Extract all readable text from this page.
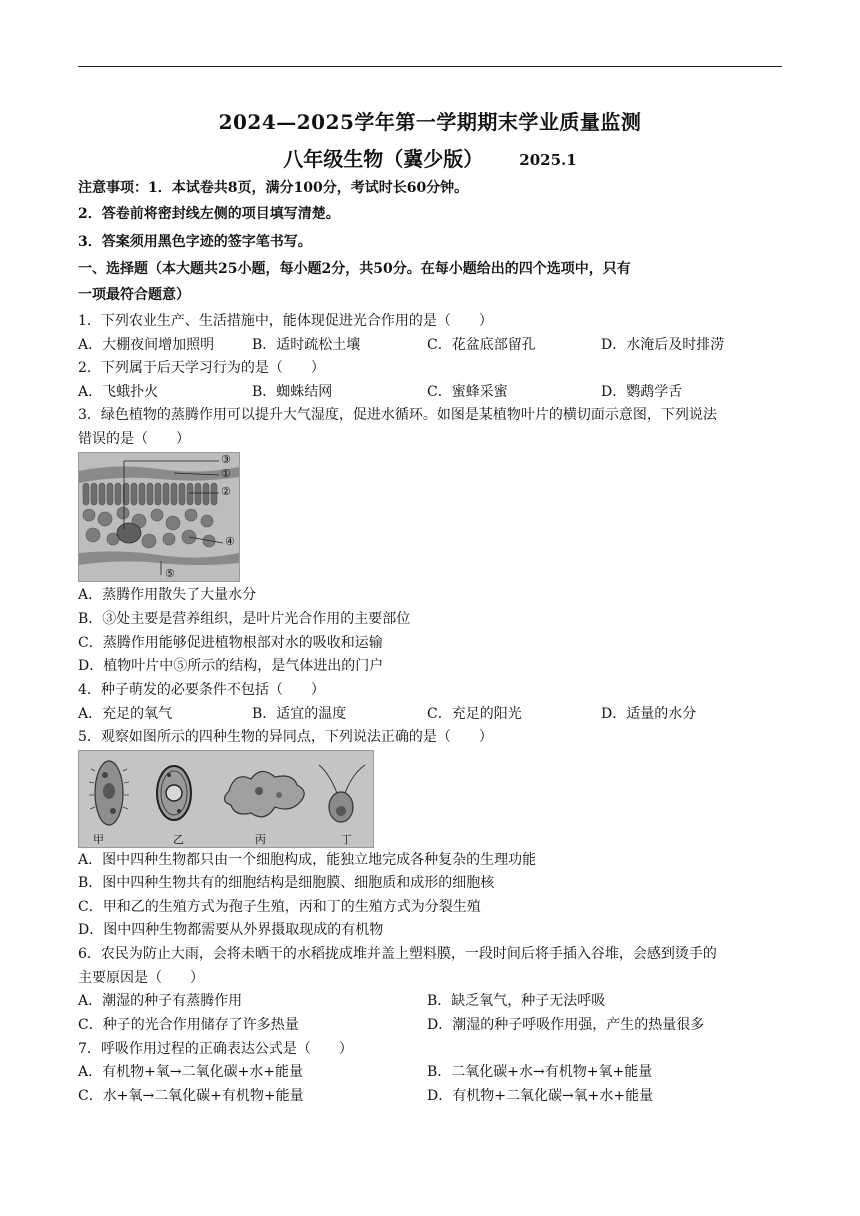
2024—2025学年第一学期期末学业质量监测
八年级生物（冀少版） 2025.1
注意事项：1．本试卷共8页，满分100分，考试时长60分钟。
2．答卷前将密封线左侧的项目填写清楚。
3．答案须用黑色字迹的签字笔书写。
一、选择题（本大题共25小题，每小题2分，共50分。在每小题给出的四个选项中，只有
一项最符合题意）
1．下列农业生产、生活措施中，能体现促进光合作用的是（　　）
A．大棚夜间增加照明	B．适时疏松土壤	C．花盆底部留孔	D．水淹后及时排涝
2．下列属于后天学习行为的是（　　）
A．飞蛾扑火	B．蜘蛛结网	C．蜜蜂采蜜	D．鹦鹉学舌
3．绿色植物的蒸腾作用可以提升大气湿度，促进水循环。如图是某植物叶片的横切面示意图，下列说法
错误的是（　　）
③
①
②
④
⑤
A．蒸腾作用散失了大量水分
B．③处主要是营养组织，是叶片光合作用的主要部位
C．蒸腾作用能够促进植物根部对水的吸收和运输
D．植物叶片中⑤所示的结构，是气体进出的门户
4．种子萌发的必要条件不包括（　　）
A．充足的氧气	B．适宜的温度	C．充足的阳光	D．适量的水分
5．观察如图所示的四种生物的异同点，下列说法正确的是（　　）
甲	乙	丙	丁
A．图中四种生物都只由一个细胞构成，能独立地完成各种复杂的生理功能
B．图中四种生物共有的细胞结构是细胞膜、细胞质和成形的细胞核
C．甲和乙的生殖方式为孢子生殖，丙和丁的生殖方式为分裂生殖
D．图中四种生物都需要从外界摄取现成的有机物
6．农民为防止大雨，会将未晒干的水稻拢成堆并盖上塑料膜，一段时间后将手插入谷堆，会感到烫手的
主要原因是（　　）
A．潮湿的种子有蒸腾作用	B．缺乏氧气，种子无法呼吸
C．种子的光合作用储存了许多热量	D．潮湿的种子呼吸作用强，产生的热量很多
7．呼吸作用过程的正确表达公式是（　　）
A．有机物+氧→二氧化碳+水+能量	B．二氧化碳+水→有机物+氧+能量
C．水+氧→二氧化碳+有机物+能量	D．有机物+二氧化碳→氧+水+能量
